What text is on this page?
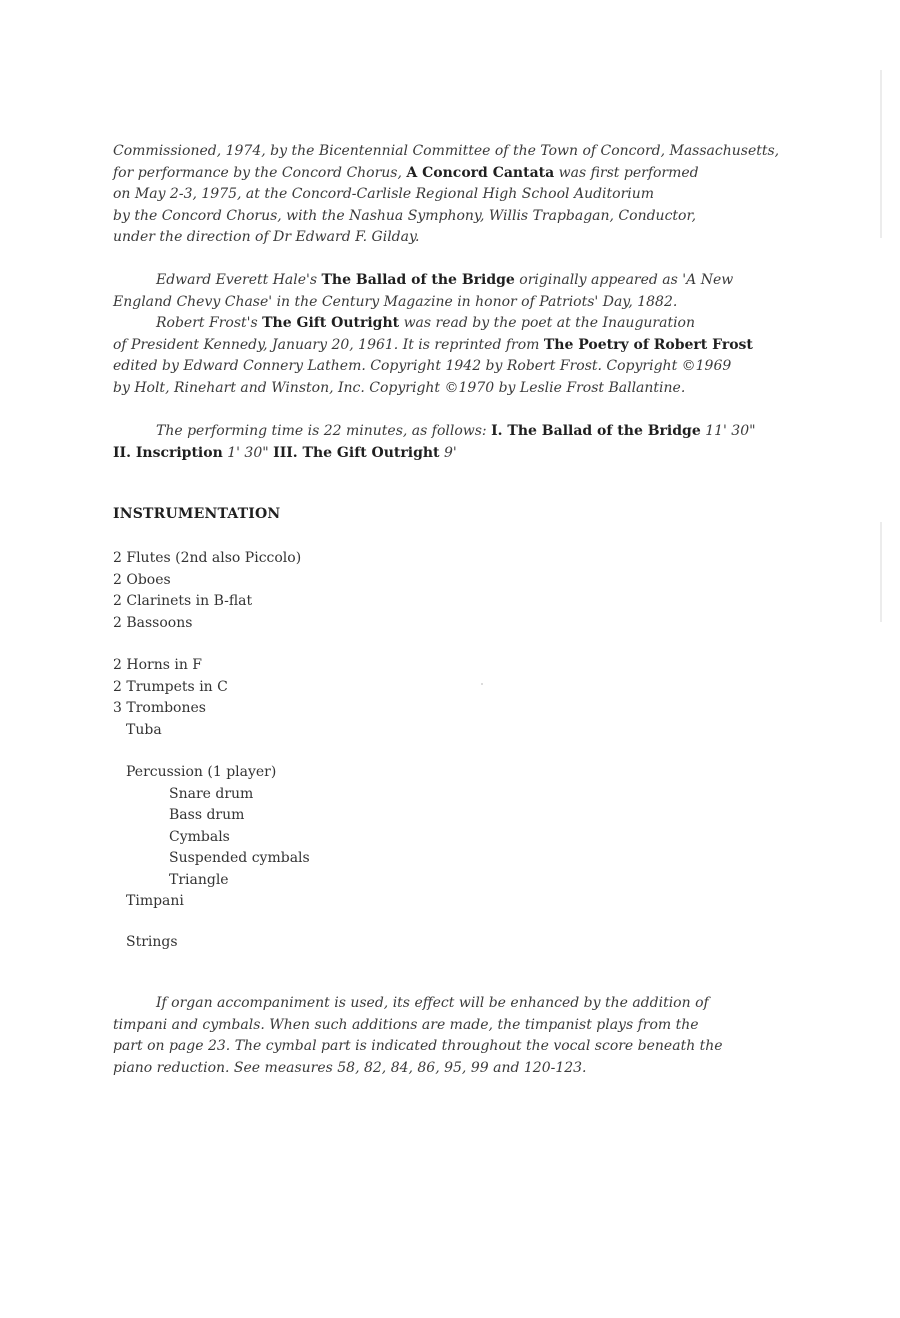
Commissioned, 1974, by the Bicentennial Committee of the Town of Concord, Massachusetts,
for performance by the Concord Chorus, A Concord Cantata was first performed
on May 2-3, 1975, at the Concord-Carlisle Regional High School Auditorium
by the Concord Chorus, with the Nashua Symphony, Willis Trapbagan, Conductor,
under the direction of Dr Edward F. Gilday.
Edward Everett Hale's The Ballad of the Bridge originally appeared as 'A New
England Chevy Chase' in the Century Magazine in honor of Patriots' Day, 1882.
Robert Frost's The Gift Outright was read by the poet at the Inauguration
of President Kennedy, January 20, 1961. It is reprinted from The Poetry of Robert Frost
edited by Edward Connery Lathem. Copyright 1942 by Robert Frost. Copyright ©1969
by Holt, Rinehart and Winston, Inc. Copyright ©1970 by Leslie Frost Ballantine.
The performing time is 22 minutes, as follows: I. The Ballad of the Bridge 11' 30"
II. Inscription 1' 30" III. The Gift Outright 9'
INSTRUMENTATION
2 Flutes (2nd also Piccolo)
2 Oboes
2 Clarinets in B-flat
2 Bassoons
2 Horns in F
2 Trumpets in C
3 Trombones
Tuba
Percussion (1 player)
Snare drum
Bass drum
Cymbals
Suspended cymbals
Triangle
Timpani
Strings
If organ accompaniment is used, its effect will be enhanced by the addition of
timpani and cymbals. When such additions are made, the timpanist plays from the
part on page 23. The cymbal part is indicated throughout the vocal score beneath the
piano reduction. See measures 58, 82, 84, 86, 95, 99 and 120-123.
